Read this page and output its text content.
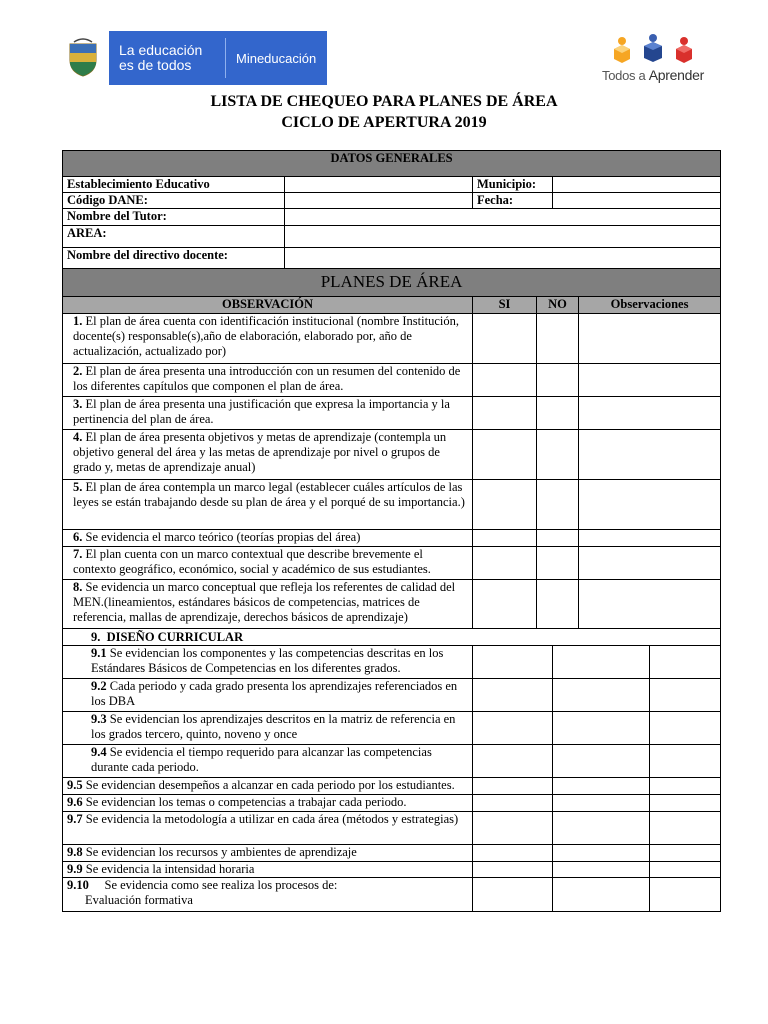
La educación
es de todos	Mineducación
Todos a Aprender
LISTA DE CHEQUEO PARA PLANES DE ÁREA
CICLO DE APERTURA 2019
DATOS GENERALES						
Establecimiento Educativo		Municipio:				
Código DANE:		Fecha:				
Nombre del Tutor:						
AREA:						
Nombre del directivo docente:						
PLANES DE ÁREA						
OBSERVACIÓN		SI	NO		Observaciones	
1. El plan de área cuenta con identificación institucional (nombre Institución, docente(s) responsable(s),año de elaboración, elaborado por, año de actualización, actualizado por)						
2. El plan de área presenta una introducción con un resumen del contenido de los diferentes capítulos que componen el plan de área.						
3. El plan de área presenta una justificación que expresa la importancia y la pertinencia del plan de área.						
4. El plan de área presenta objetivos y metas de aprendizaje (contempla un objetivo general del área y las metas de aprendizaje por nivel o grupos de grado y, metas de aprendizaje anual)						
5. El plan de área contempla un marco legal (establecer cuáles artículos de las leyes se están trabajando desde su plan de área y el porqué de su importancia.)						
6. Se evidencia el marco teórico (teorías propias del área)						
7. El plan cuenta con un marco contextual que describe brevemente el contexto geográfico, económico, social y académico de sus estudiantes.						
8. Se evidencia un marco conceptual que refleja los referentes de calidad del MEN.(lineamientos, estándares básicos de competencias, matrices de referencia, mallas de aprendizaje, derechos básicos de aprendizaje)						
9. DISEÑO CURRICULAR						
9.1 Se evidencian los componentes y las competencias descritas en los Estándares Básicos de Competencias en los diferentes grados.						
9.2 Cada periodo y cada grado presenta los aprendizajes referenciados en los DBA						
9.3 Se evidencian los aprendizajes descritos en la matriz de referencia en los grados tercero, quinto, noveno y once						
9.4 Se evidencia el tiempo requerido para alcanzar las competencias durante cada periodo.						
9.5 Se evidencian desempeños a alcanzar en cada periodo por los estudiantes.						
9.6 Se evidencian los temas o competencias a trabajar cada periodo.						
9.7 Se evidencia la metodología a utilizar en cada área (métodos y estrategias)						
9.8 Se evidencian los recursos y ambientes de aprendizaje						
9.9 Se evidencia la intensidad horaria						
9.10 Se evidencia como see realiza los procesos de:
Evaluación formativa						
